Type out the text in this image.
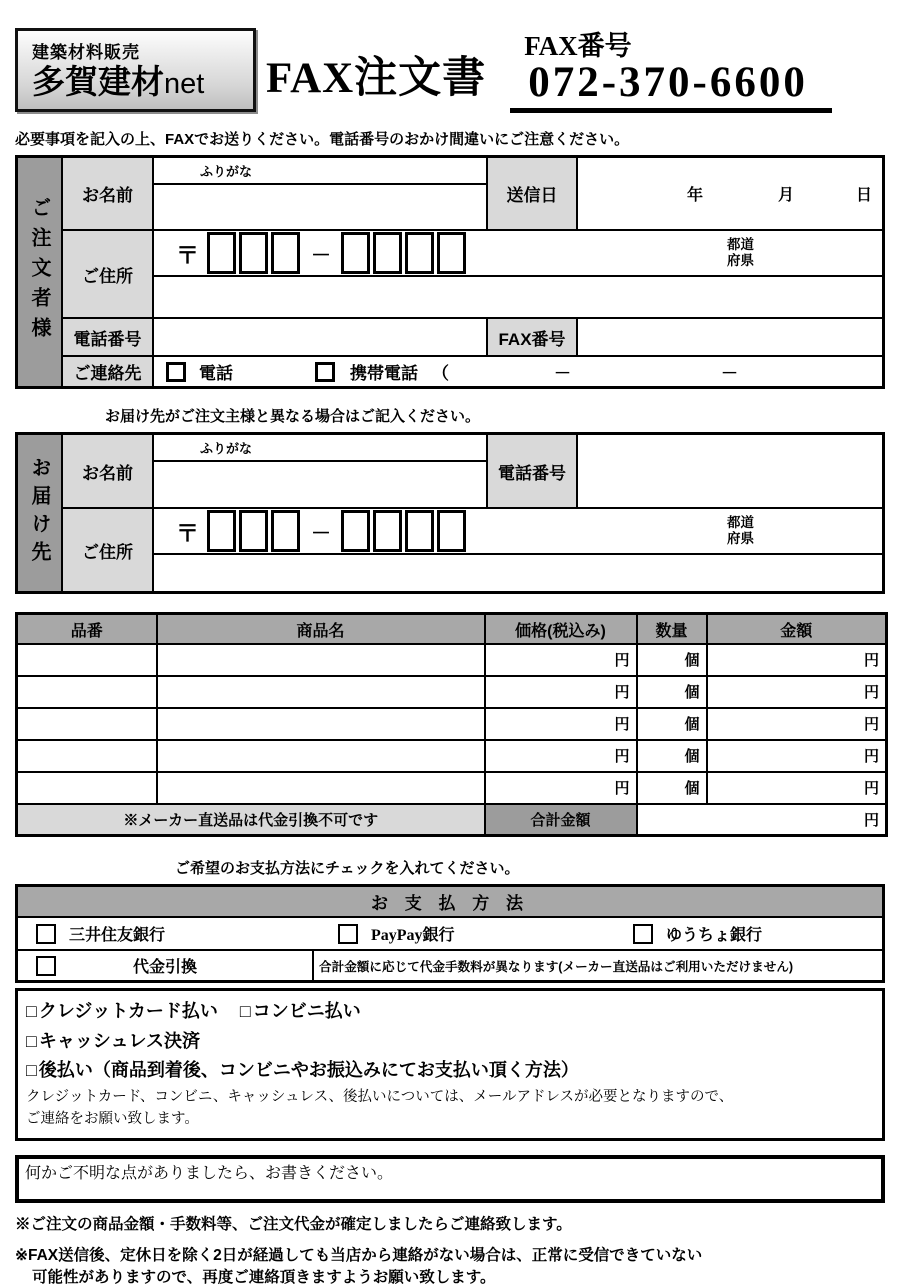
建築材料販売
多賀建材net	FAX注文書
FAX番号
072-370-6600
必要事項を記入の上、FAXでお送りください。電話番号のおかけ間違いにご注意ください。
ご注文者様
お名前
ふりがな
送信日	年	月	日
ご住所
〒	－
都道
府県
電話番号	FAX番号
ご連絡先	電話	携帯電話 （	－	－
お届け先がご注文主様と異なる場合はご記入ください。
お届け先	お名前
ふりがな
電話番号
ご住所
〒	－
都道
府県
品番	商品名	価格(税込み)	数量	金額
		円	個	円
		円	個	円
		円	個	円
		円	個	円
		円	個	円
※メーカー直送品は代金引換不可です		合計金額	円	
ご希望のお支払方法にチェックを入れてください。
お 支 払 方 法
三井住友銀行	PayPay銀行	ゆうちょ銀行
代金引換	合計金額に応じて代金手数料が異なります(メーカー直送品はご利用いただけません)
□ クレジットカード払い □ コンビニ払い
□ キャッシュレス決済
□ 後払い（商品到着後、コンビニやお振込みにてお支払い頂く方法）
クレジットカード、コンビニ、キャッシュレス、後払いについては、メールアドレスが必要となりますので、
ご連絡をお願い致します。
何かご不明な点がありましたら、お書きください。
※ご注文の商品金額・手数料等、ご注文代金が確定しましたらご連絡致します。
※FAX送信後、定休日を除く2日が経過しても当店から連絡がない場合は、正常に受信できていない
可能性がありますので、再度ご連絡頂きますようお願い致します。
